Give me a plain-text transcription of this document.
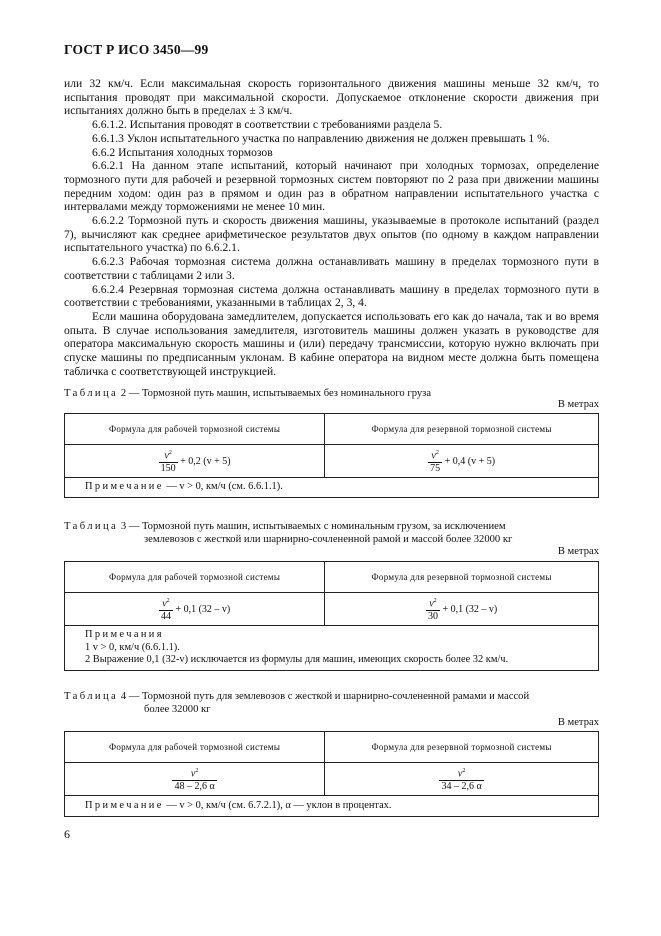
ГОСТ Р ИСО 3450—99

или 32 км/ч. Если максимальная скорость горизонтального движения машины меньше 32 км/ч, то испытания проводят при максимальной скорости. Допускаемое отклонение скорости движения при испытаниях должно быть в пределах ± 3 км/ч.

6.6.1.2. Испытания проводят в соответствии с требованиями раздела 5.

6.6.1.3 Уклон испытательного участка по направлению движения не должен превышать 1 %.

6.6.2 Испытания холодных тормозов

6.6.2.1 На данном этапе испытаний, который начинают при холодных тормозах, определение тормозного пути для рабочей и резервной тормозных систем повторяют по 2 раза при движении машины передним ходом: один раз в прямом и один раз в обратном направлении испытательного участка с интервалами между торможениями не менее 10 мин.

6.6.2.2 Тормозной путь и скорость движения машины, указываемые в протоколе испытаний (раздел 7), вычисляют как среднее арифметическое результатов двух опытов (по одному в каждом направлении испытательного участка) по 6.6.2.1.

6.6.2.3 Рабочая тормозная система должна останавливать машину в пределах тормозного пути в соответствии с таблицами 2 или 3.

6.6.2.4 Резервная тормозная система должна останавливать машину в пределах тормозного пути в соответствии с требованиями, указанными в таблицах 2, 3, 4.

Если машина оборудована замедлителем, допускается использовать его как до начала, так и во время опыта. В случае использования замедлителя, изготовитель машины должен указать в руководстве для оператора максимальную скорость машины и (или) передачу трансмиссии, которую нужно включать при спуске машины по предписанным уклонам. В кабине оператора на видном месте должна быть помещена табличка с соответствующей инструкцией.

Таблица 2 — Тормозной путь машин, испытываемых без номинального груза
В метрах
Формула для рабочей тормозной системы	Формула для резервной тормозной системы

$\frac{v^2}{150} + 0,2$ (v + 5)	$\frac{v^2}{75} + 0,4$ (v + 5)
Примечание — v > 0, км/ч (см. 6.6.1.1).	
Таблица 3 — Тормозной путь машин, испытываемых с номинальным грузом, за исключением
землевозов с жесткой или шарнирно-сочлененной рамой и массой более 32000 кг
В метрах
Формула для рабочей тормозной системы	Формула для резервной тормозной системы

$\frac{v^2}{44} + 0,1$ (32 – v)	$\frac{v^2}{30} + 0,1$ (32 – v)

Примечания
1 v > 0, км/ч (6.6.1.1).
2 Выражение 0,1 (32-v) исключается из формулы для машин, имеющих скорость более 32 км/ч.	
Таблица 4 — Тормозной путь для землевозов с жесткой и шарнирно-сочлененной рамами и массой
более 32000 кг
В метрах
Формула для рабочей тормозной системы	Формула для резервной тормозной системы

$\frac{v^2}{48 - 2,6 \alpha}$	$\frac{v^2}{34 - 2,6 \alpha}$

Примечание — v > 0, км/ч (см. 6.7.2.1), α — уклон в процентах.	
6
